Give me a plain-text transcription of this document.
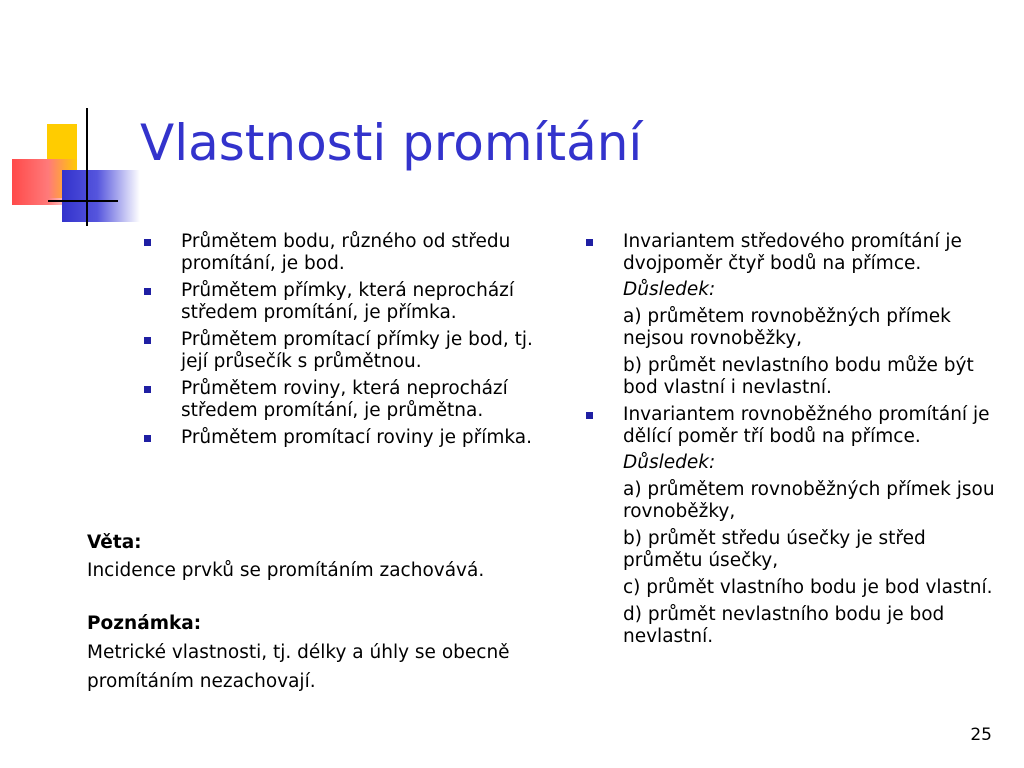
Vlastnosti promítání
Průmětem bodu, různého od středu promítání, je bod.
Průmětem přímky, která neprochází středem promítání, je přímka.
Průmětem promítací přímky je bod, tj. její průsečík s průmětnou.
Průmětem roviny, která neprochází středem promítání, je průmětna.
Průmětem promítací roviny je přímka.
Věta:
Incidence prvků se promítáním zachovává.
Poznámka:
Metrické vlastnosti, tj. délky a úhly se obecně
promítáním nezachovají.
Invariantem středového promítání je dvojpoměr čtyř bodů na přímce.
Důsledek:
a) průmětem rovnoběžných přímek nejsou rovnoběžky,
b) průmět nevlastního bodu může být bod vlastní i nevlastní.
Invariantem rovnoběžného promítání je dělící poměr tří bodů na přímce.
Důsledek:
a) průmětem rovnoběžných přímek jsou rovnoběžky,
b) průmět středu úsečky je střed průmětu úsečky,
c) průmět vlastního bodu je bod vlastní.
d) průmět nevlastního bodu je bod nevlastní.
25
